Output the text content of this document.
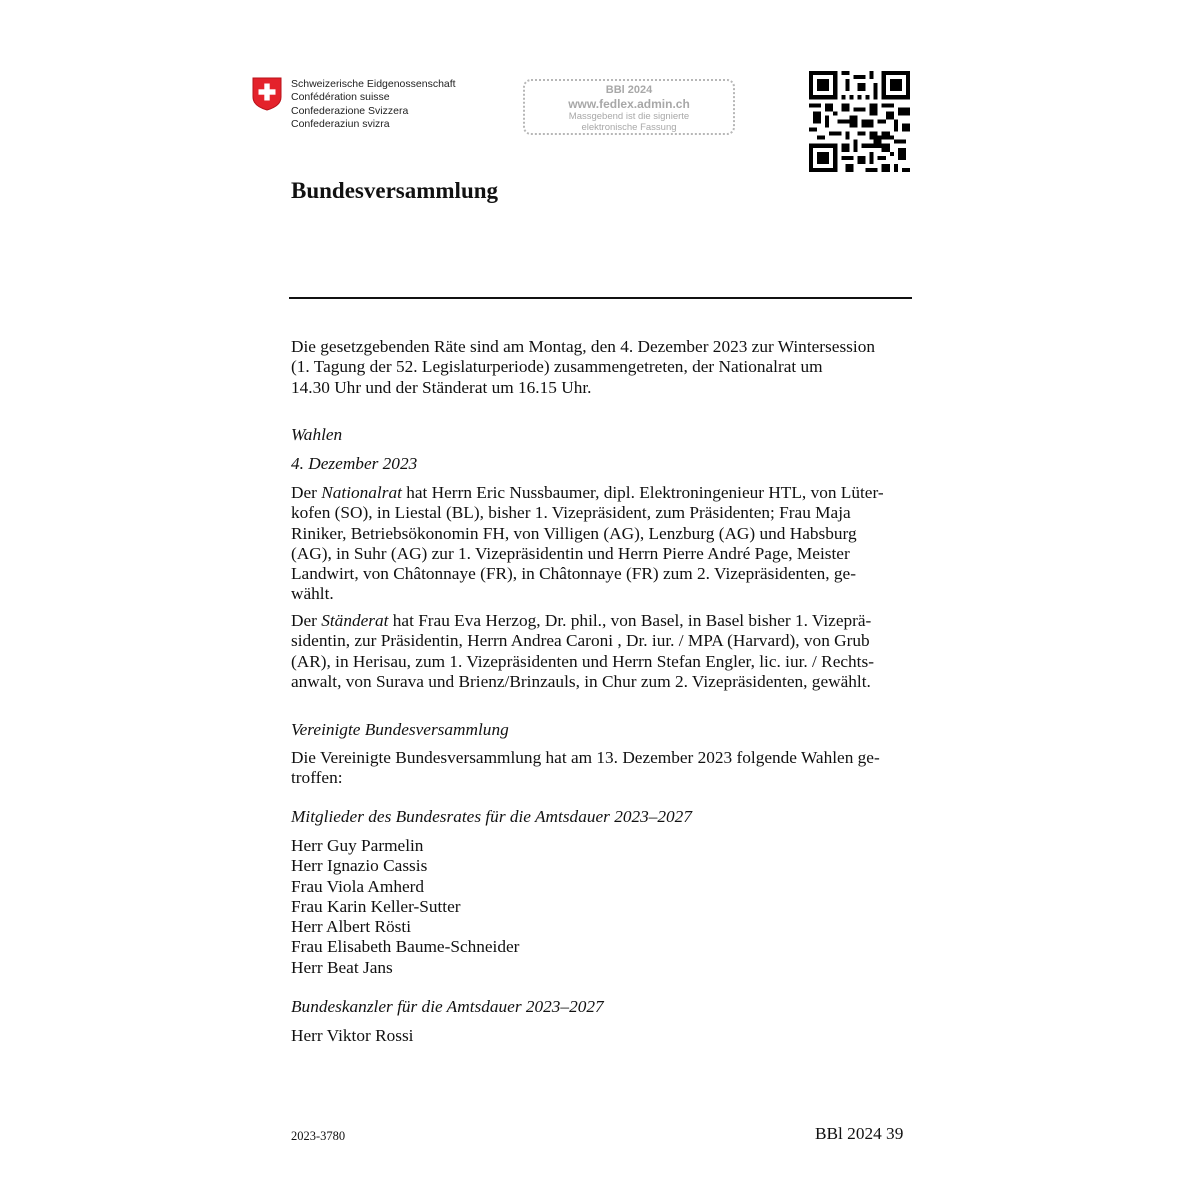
Schweizerische Eidgenossenschaft
Confédération suisse
Confederazione Svizzera
Confederaziun svizra
BBl 2024
www.fedlex.admin.ch
Massgebend ist die signierte
elektronische Fassung
Bundesversammlung
Die gesetzgebenden Räte sind am Montag, den 4. Dezember 2023 zur Wintersession
(1. Tagung der 52. Legislaturperiode) zusammengetreten, der Nationalrat um
14.30 Uhr und der Ständerat um 16.15 Uhr.
Wahlen
4. Dezember 2023
Der Nationalrat hat Herrn Eric Nussbaumer, dipl. Elektroningenieur HTL, von Lüter-
kofen (SO), in Liestal (BL), bisher 1. Vizepräsident, zum Präsidenten; Frau Maja
Riniker, Betriebsökonomin FH, von Villigen (AG), Lenzburg (AG) und Habsburg
(AG), in Suhr (AG) zur 1. Vizepräsidentin und Herrn Pierre André Page, Meister
Landwirt, von Châtonnaye (FR), in Châtonnaye (FR) zum 2. Vizepräsidenten, ge-
wählt.
Der Ständerat hat Frau Eva Herzog, Dr. phil., von Basel, in Basel bisher 1. Vizeprä-
sidentin, zur Präsidentin, Herrn Andrea Caroni , Dr. iur. / MPA (Harvard), von Grub
(AR), in Herisau, zum 1. Vizepräsidenten und Herrn Stefan Engler, lic. iur. / Rechts-
anwalt, von Surava und Brienz/Brinzauls, in Chur zum 2. Vizepräsidenten, gewählt.
Vereinigte Bundesversammlung
Die Vereinigte Bundesversammlung hat am 13. Dezember 2023 folgende Wahlen ge-
troffen:
Mitglieder des Bundesrates für die Amtsdauer 2023–2027
Herr Guy Parmelin
Herr Ignazio Cassis
Frau Viola Amherd
Frau Karin Keller-Sutter
Herr Albert Rösti
Frau Elisabeth Baume-Schneider
Herr Beat Jans
Bundeskanzler für die Amtsdauer 2023–2027
Herr Viktor Rossi
2023-3780	BBl 2024 39
